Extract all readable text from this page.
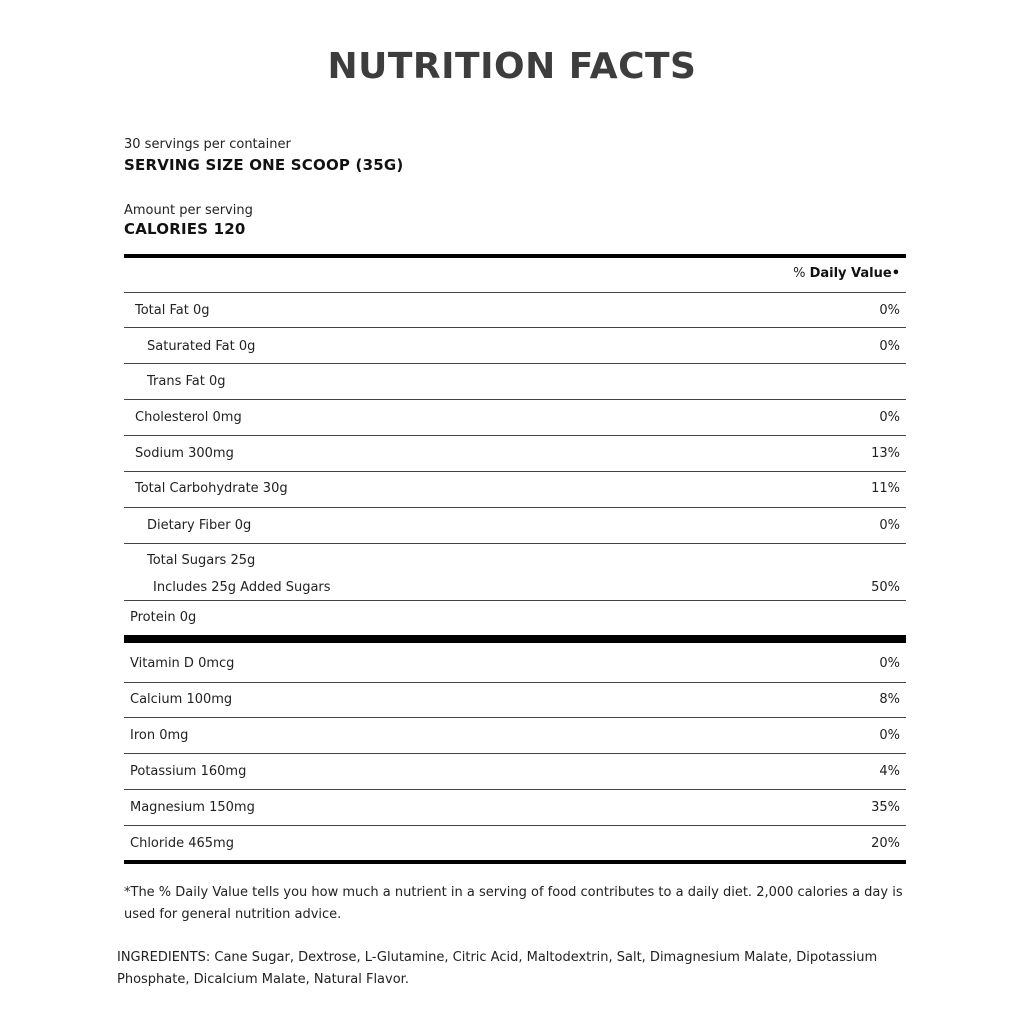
NUTRITION FACTS
30 servings per container
SERVING SIZE ONE SCOOP (35G)
Amount per serving
CALORIES 120
% Daily Value•
Total Fat 0g	0%
Saturated Fat 0g	0%
Trans Fat 0g
Cholesterol 0mg	0%
Sodium 300mg	13%
Total Carbohydrate 30g	11%
Dietary Fiber 0g	0%
Total Sugars 25g
Includes 25g Added Sugars	50%
Protein 0g
Vitamin D 0mcg	0%
Calcium 100mg	8%
Iron 0mg	0%
Potassium 160mg	4%
Magnesium 150mg	35%
Chloride 465mg	20%
*The % Daily Value tells you how much a nutrient in a serving of food contributes to a daily diet. 2,000 calories a day is used for general nutrition advice.
INGREDIENTS: Cane Sugar, Dextrose, L-Glutamine, Citric Acid, Maltodextrin, Salt, Dimagnesium Malate, Dipotassium Phosphate, Dicalcium Malate, Natural Flavor.
